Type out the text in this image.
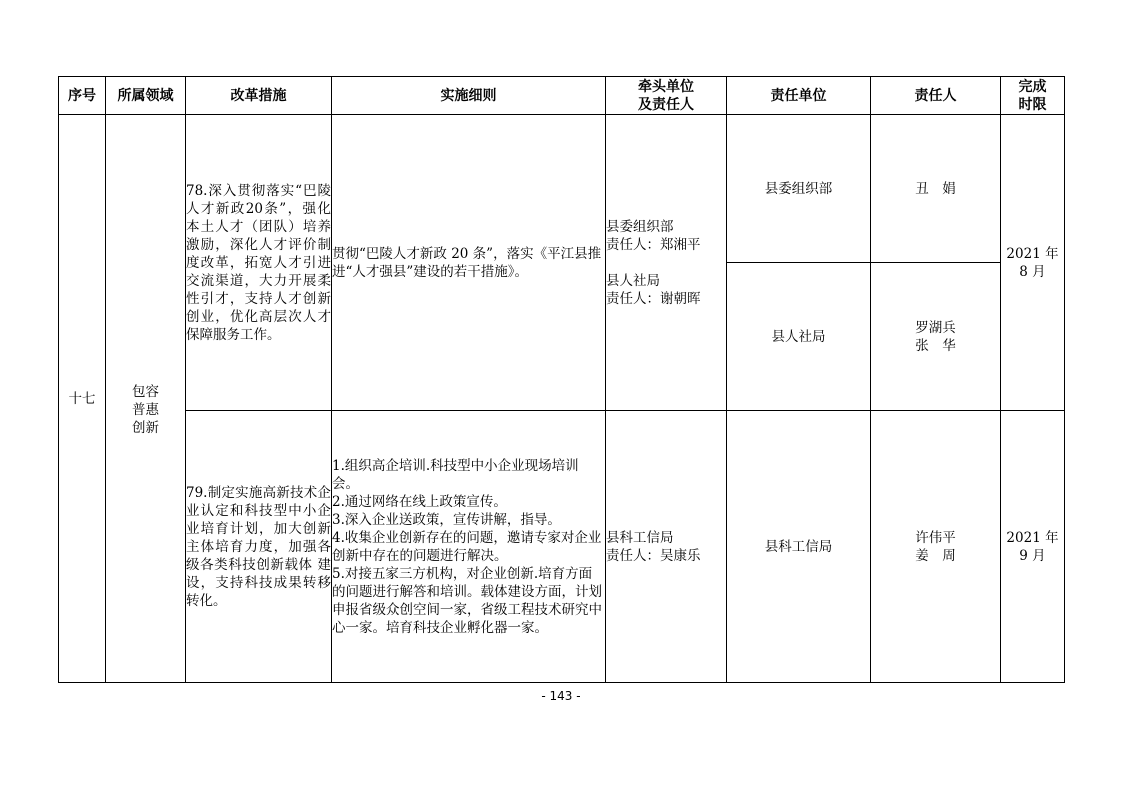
序号	所属领域	改革措施	实施细则	牵头单位
及责任人	责任单位	责任人	完成
时限
十七	包容
普惠
创新	78.深入贯彻落实“巴陵人才新政20条”，强化本土人才（团队）培养激励，深化人才评价制度改革，拓宽人才引进交流渠道，大力开展柔性引才，支持人才创新创业，优化高层次人才保障服务工作。	贯彻“巴陵人才新政 20 条”，落实《平江县推进“人才强县”建设的若干措施》。	县委组织部
责任人：郑湘平

县人社局
责任人：谢朝晖	县委组织部	丑　娟	2021 年
8 月
					县人社局	罗湖兵
张　华	
		79.制定实施高新技术企业认定和科技型中小企业培育计划，加大创新主体培育力度，加强各级各类科技创新载体 建设，支持科技成果转移转化。	1.组织高企培训.科技型中小企业现场培训会。
2.通过网络在线上政策宣传。
3.深入企业送政策，宣传讲解，指导。
4.收集企业创新存在的问题，邀请专家对企业创新中存在的问题进行解决。
5.对接五家三方机构，对企业创新.培育方面的问题进行解答和培训。载体建设方面，计划申报省级众创空间一家，省级工程技术研究中心一家。培育科技企业孵化器一家。	县科工信局
责任人：吴康乐	县科工信局	许伟平
姜　周	2021 年
9 月
- 143 -
